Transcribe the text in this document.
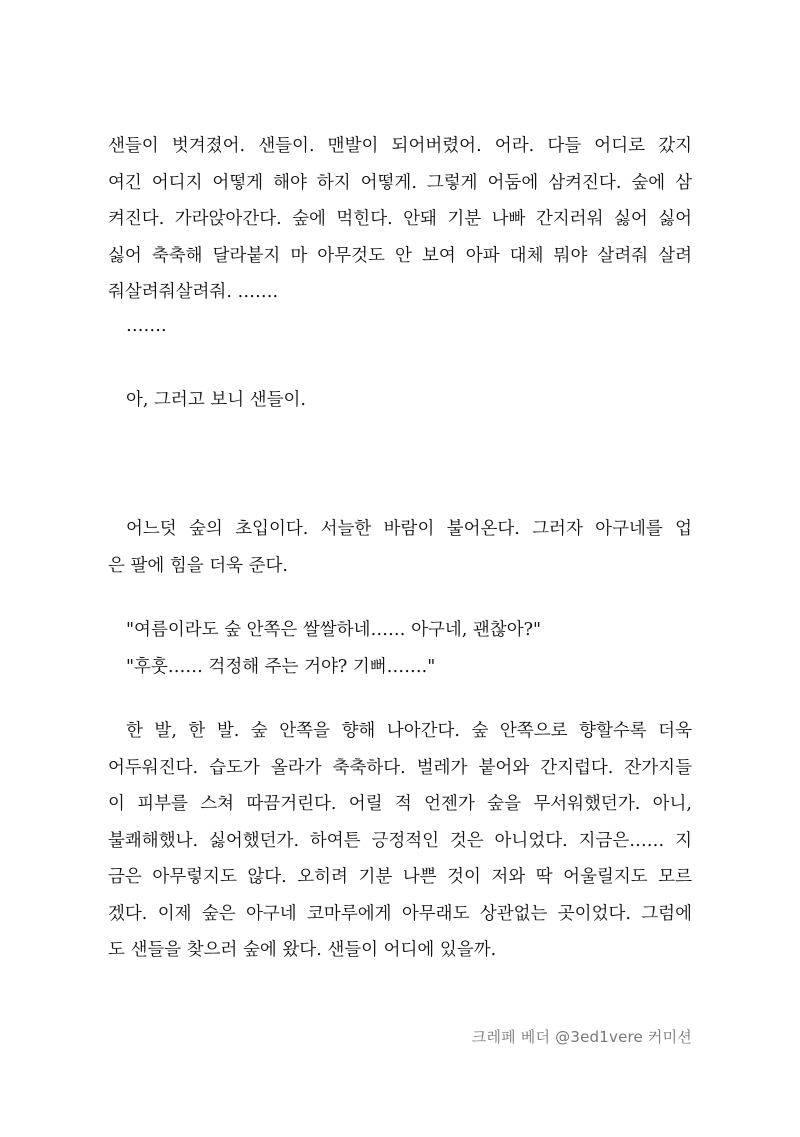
샌들이 벗겨졌어. 샌들이. 맨발이 되어버렸어. 어라. 다들 어디로 갔지
여긴 어디지 어떻게 해야 하지 어떻게. 그렇게 어둠에 삼켜진다. 숲에 삼
켜진다. 가라앉아간다. 숲에 먹힌다. 안돼 기분 나빠 간지러워 싫어 싫어
싫어 축축해 달라붙지 마 아무것도 안 보여 아파 대체 뭐야 살려줘 살려
줘살려줘살려줘. …….
…….
아, 그러고 보니 샌들이.
어느덧 숲의 초입이다. 서늘한 바람이 불어온다. 그러자 아구네를 업
은 팔에 힘을 더욱 준다.
"여름이라도 숲 안쪽은 쌀쌀하네…… 아구네, 괜찮아?"
"후훗…… 걱정해 주는 거야? 기뻐……."
한 발, 한 발. 숲 안쪽을 향해 나아간다. 숲 안쪽으로 향할수록 더욱
어두워진다. 습도가 올라가 축축하다. 벌레가 붙어와 간지럽다. 잔가지들
이 피부를 스쳐 따끔거린다. 어릴 적 언젠가 숲을 무서워했던가. 아니,
불쾌해했나. 싫어했던가. 하여튼 긍정적인 것은 아니었다. 지금은…… 지
금은 아무렇지도 않다. 오히려 기분 나쁜 것이 저와 딱 어울릴지도 모르
겠다. 이제 숲은 아구네 코마루에게 아무래도 상관없는 곳이었다. 그럼에
도 샌들을 찾으러 숲에 왔다. 샌들이 어디에 있을까.
크레페 베더 @3ed1vere 커미션
